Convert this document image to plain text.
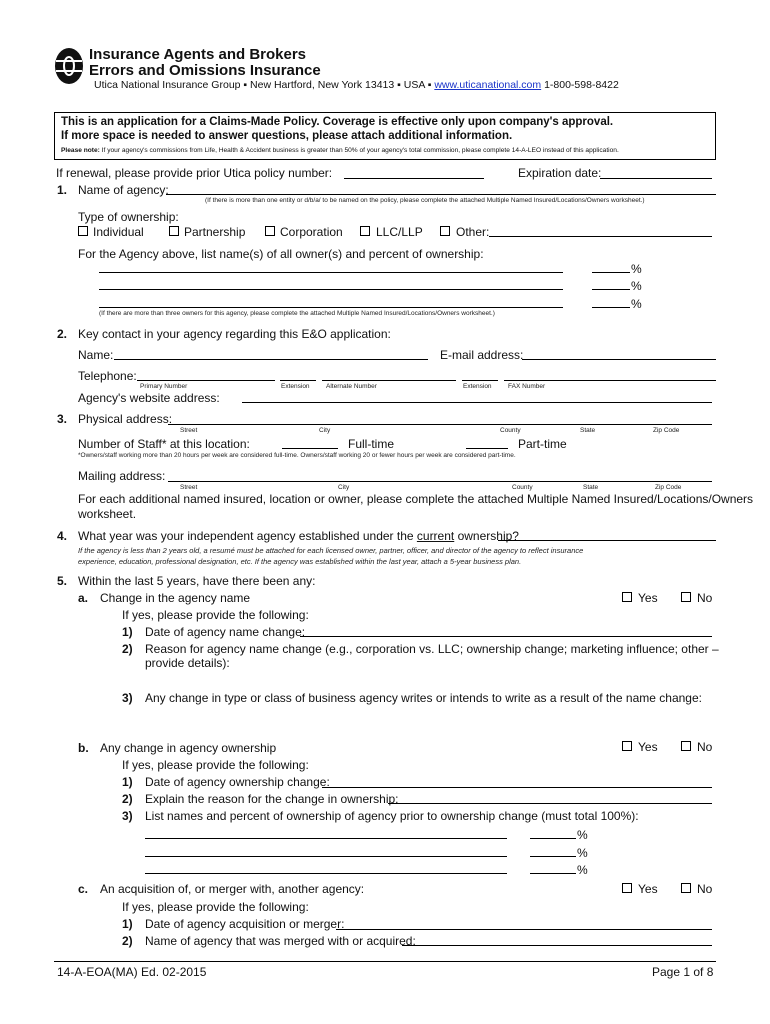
Insurance Agents and Brokers
Errors and Omissions Insurance
Utica National Insurance Group ▪ New Hartford, New York 13413 ▪ USA ▪ www.uticanational.com 1-800-598-8422
This is an application for a Claims-Made Policy. Coverage is effective only upon company's approval.
If more space is needed to answer questions, please attach additional information.
Please note: If your agency's commissions from Life, Health & Accident business is greater than 50% of your agency's total commission, please complete 14-A-LEO instead of this application.
If renewal, please provide prior Utica policy number:	Expiration date:
1. Name of agency:
(If there is more than one entity or d/b/a/ to be named on the policy, please complete the attached Multiple Named Insured/Locations/Owners worksheet.)
Type of ownership:
Individual	Partnership	Corporation	LLC/LLP	Other:
For the Agency above, list name(s) of all owner(s) and percent of ownership:
%
%
%
(If there are more than three owners for this agency, please complete the attached Multiple Named Insured/Locations/Owners worksheet.)
2. Key contact in your agency regarding this E&O application:
Name:	E-mail address:
Telephone:
Primary Number	Extension	Alternate Number	Extension	FAX Number
Agency's website address:
3. Physical address:
Street	City	County	State	Zip Code
Number of Staff* at this location:	Full-time	Part-time
*Owners/staff working more than 20 hours per week are considered full-time. Owners/staff working 20 or fewer hours per week are considered part-time.
Mailing address:
Street	City	County	State	Zip Code
For each additional named insured, location or owner, please complete the attached Multiple Named Insured/Locations/Owners
worksheet.
4. What year was your independent agency established under the current ownership?
If the agency is less than 2 years old, a resumé must be attached for each licensed owner, partner, officer, and director of the agency to reflect insurance
experience, education, professional designation, etc. If the agency was established within the last year, attach a 5-year business plan.
5. Within the last 5 years, have there been any:
a. Change in the agency name	Yes	No
If yes, please provide the following:
1) Date of agency name change:
2) Reason for agency name change (e.g., corporation vs. LLC; ownership change; marketing influence; other –
provide details):
3) Any change in type or class of business agency writes or intends to write as a result of the name change:
b. Any change in agency ownership	Yes	No
If yes, please provide the following:
1) Date of agency ownership change:
2) Explain the reason for the change in ownership:
3) List names and percent of ownership of agency prior to ownership change (must total 100%):
%
%
%
c. An acquisition of, or merger with, another agency:	Yes	No
If yes, please provide the following:
1) Date of agency acquisition or merger:
2) Name of agency that was merged with or acquired:
14-A-EOA(MA) Ed. 02-2015	Page 1 of 8
